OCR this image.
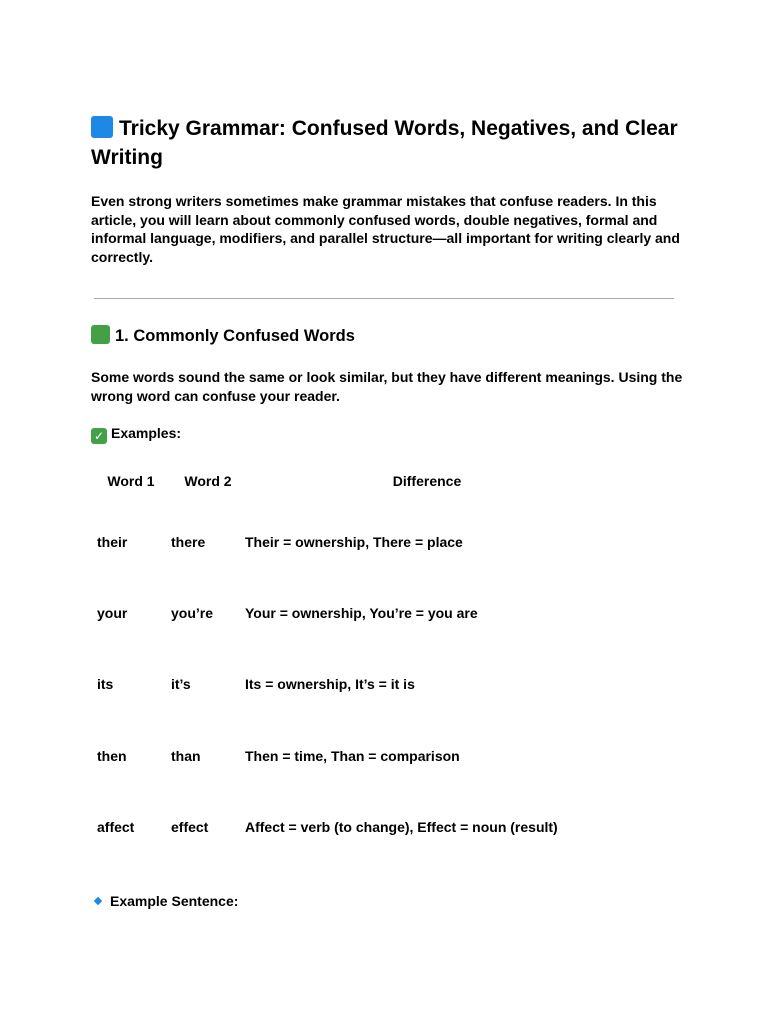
Tricky Grammar: Confused Words, Negatives, and Clear Writing

Even strong writers sometimes make grammar mistakes that confuse readers. In this article, you will learn about commonly confused words, double negatives, formal and informal language, modifiers, and parallel structure—all important for writing clearly and correctly.

1. Commonly Confused Words

Some words sound the same or look similar, but they have different meanings. Using the wrong word can confuse your reader.

✓ Examples:

Word 1	Word 2	Difference
their	there	Their = ownership, There = place
your	you’re	Your = ownership, You’re = you are
its	it’s	Its = ownership, It’s = it is
then	than	Then = time, Than = comparison
affect	effect	Affect = verb (to change), Effect = noun (result)

Example Sentence:
